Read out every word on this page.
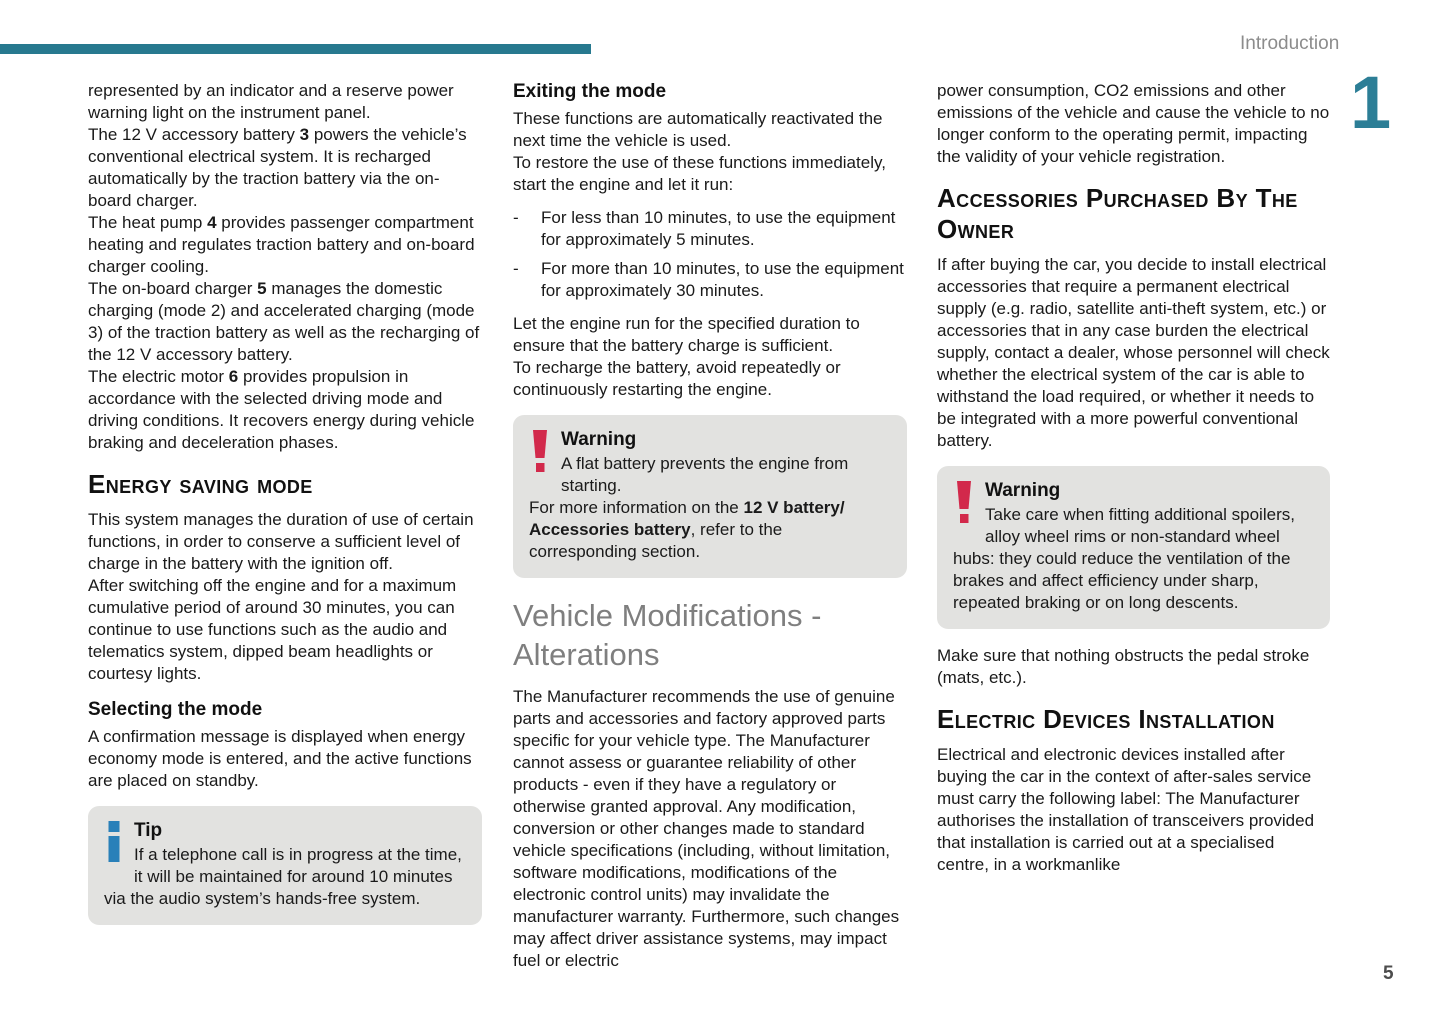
Introduction
1

represented by an indicator and a reserve power warning light on the instrument panel.

The 12 V accessory battery 3 powers the vehicle’s conventional electrical system. It is recharged automatically by the traction battery via the on-board charger.

The heat pump 4 provides passenger compartment heating and regulates traction battery and on-board charger cooling.

The on-board charger 5 manages the domestic charging (mode 2) and accelerated charging (mode 3) of the traction battery as well as the recharging of the 12 V accessory battery.

The electric motor 6 provides propulsion in accordance with the selected driving mode and driving conditions. It recovers energy during vehicle braking and deceleration phases.

Energy saving mode

This system manages the duration of use of certain functions, in order to conserve a sufficient level of charge in the battery with the ignition off.

After switching off the engine and for a maximum cumulative period of around 30 minutes, you can continue to use functions such as the audio and telematics system, dipped beam headlights or courtesy lights.

Selecting the mode

A confirmation message is displayed when energy economy mode is entered, and the active functions are placed on standby.

Tip

If a telephone call is in progress at the time, it will be maintained for around 10 minutes via the audio system’s hands-free system.

Exiting the mode

These functions are automatically reactivated the next time the vehicle is used.

To restore the use of these functions immediately, start the engine and let it run:

-	For less than 10 minutes, to use the equipment for approximately 5 minutes.
-	For more than 10 minutes, to use the equipment for approximately 30 minutes.

Let the engine run for the specified duration to ensure that the battery charge is sufficient.

To recharge the battery, avoid repeatedly or continuously restarting the engine.

Warning

A flat battery prevents the engine from starting.

For more information on the 12 V battery/ Accessories battery, refer to the corresponding section.

Vehicle Modifications - Alterations

The Manufacturer recommends the use of genuine parts and accessories and factory approved parts specific for your vehicle type. The Manufacturer cannot assess or guarantee reliability of other products - even if they have a regulatory or otherwise granted approval. Any modification, conversion or other changes made to standard vehicle specifications (including, without limitation, software modifications, modifications of the electronic control units) may invalidate the manufacturer warranty. Furthermore, such changes may affect driver assistance systems, may impact fuel or electric

power consumption, CO2 emissions and other emissions of the vehicle and cause the vehicle to no longer conform to the operating permit, impacting the validity of your vehicle registration.

Accessories Purchased By The Owner

If after buying the car, you decide to install electrical accessories that require a permanent electrical supply (e.g. radio, satellite anti-theft system, etc.) or accessories that in any case burden the electrical supply, contact a dealer, whose personnel will check whether the electrical system of the car is able to withstand the load required, or whether it needs to be integrated with a more powerful conventional battery.

Warning

Take care when fitting additional spoilers, alloy wheel rims or non-standard wheel hubs: they could reduce the ventilation of the brakes and affect efficiency under sharp, repeated braking or on long descents.

Make sure that nothing obstructs the pedal stroke (mats, etc.).

Electric Devices Installation

Electrical and electronic devices installed after buying the car in the context of after-sales service must carry the following label: The Manufacturer authorises the installation of transceivers provided that installation is carried out at a specialised centre, in a workmanlike

5
